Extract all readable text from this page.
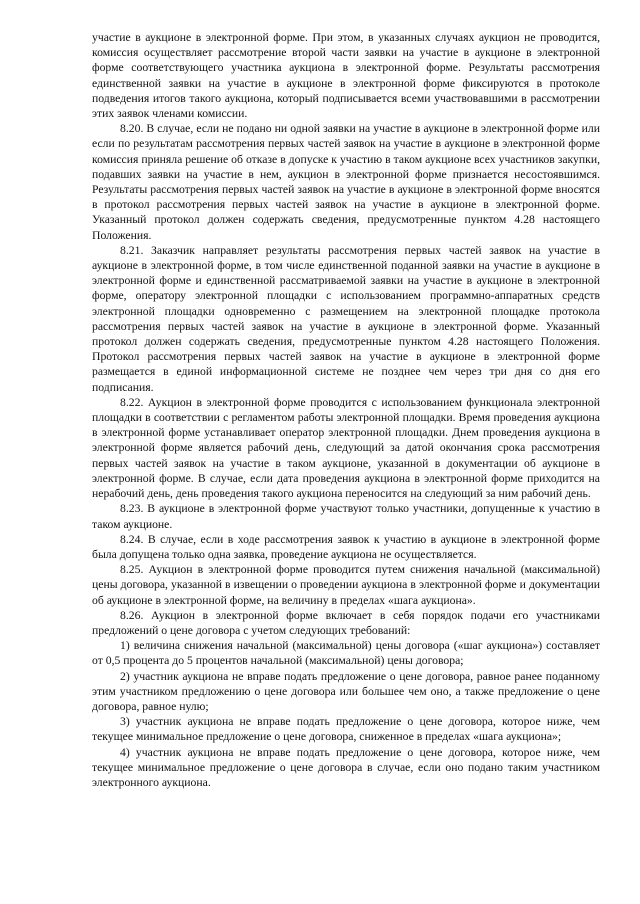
участие в аукционе в электронной форме. При этом, в указанных случаях аукцион не проводится, комиссия осуществляет рассмотрение второй части заявки на участие в аукционе в электронной форме соответствующего участника аукциона в электронной форме. Результаты рассмотрения единственной заявки на участие в аукционе в электронной форме фиксируются в протоколе подведения итогов такого аукциона, который подписывается всеми участвовавшими в рассмотрении этих заявок членами комиссии.

8.20. В случае, если не подано ни одной заявки на участие в аукционе в электронной форме или если по результатам рассмотрения первых частей заявок на участие в аукционе в электронной форме комиссия приняла решение об отказе в допуске к участию в таком аукционе всех участников закупки, подавших заявки на участие в нем, аукцион в электронной форме признается несостоявшимся. Результаты рассмотрения первых частей заявок на участие в аукционе в электронной форме вносятся в протокол рассмотрения первых частей заявок на участие в аукционе в электронной форме. Указанный протокол должен содержать сведения, предусмотренные пунктом 4.28 настоящего Положения.

8.21. Заказчик направляет результаты рассмотрения первых частей заявок на участие в аукционе в электронной форме, в том числе единственной поданной заявки на участие в аукционе в электронной форме и единственной рассматриваемой заявки на участие в аукционе в электронной форме, оператору электронной площадки с использованием программно-аппаратных средств электронной площадки одновременно с размещением на электронной площадке протокола рассмотрения первых частей заявок на участие в аукционе в электронной форме. Указанный протокол должен содержать сведения, предусмотренные пунктом 4.28 настоящего Положения. Протокол рассмотрения первых частей заявок на участие в аукционе в электронной форме размещается в единой информационной системе не позднее чем через три дня со дня его подписания.

8.22. Аукцион в электронной форме проводится с использованием функционала электронной площадки в соответствии с регламентом работы электронной площадки. Время проведения аукциона в электронной форме устанавливает оператор электронной площадки. Днем проведения аукциона в электронной форме является рабочий день, следующий за датой окончания срока рассмотрения первых частей заявок на участие в таком аукционе, указанной в документации об аукционе в электронной форме. В случае, если дата проведения аукциона в электронной форме приходится на нерабочий день, день проведения такого аукциона переносится на следующий за ним рабочий день.

8.23. В аукционе в электронной форме участвуют только участники, допущенные к участию в таком аукционе.

8.24. В случае, если в ходе рассмотрения заявок к участию в аукционе в электронной форме была допущена только одна заявка, проведение аукциона не осуществляется.

8.25. Аукцион в электронной форме проводится путем снижения начальной (максимальной) цены договора, указанной в извещении о проведении аукциона в электронной форме и документации об аукционе в электронной форме, на величину в пределах «шага аукциона».

8.26. Аукцион в электронной форме включает в себя порядок подачи его участниками предложений о цене договора с учетом следующих требований:

1) величина снижения начальной (максимальной) цены договора («шаг аукциона») составляет от 0,5 процента до 5 процентов начальной (максимальной) цены договора;

2) участник аукциона не вправе подать предложение о цене договора, равное ранее поданному этим участником предложению о цене договора или большее чем оно, а также предложение о цене договора, равное нулю;

3) участник аукциона не вправе подать предложение о цене договора, которое ниже, чем текущее минимальное предложение о цене договора, сниженное в пределах «шага аукциона»;

4) участник аукциона не вправе подать предложение о цене договора, которое ниже, чем текущее минимальное предложение о цене договора в случае, если оно подано таким участником электронного аукциона.
